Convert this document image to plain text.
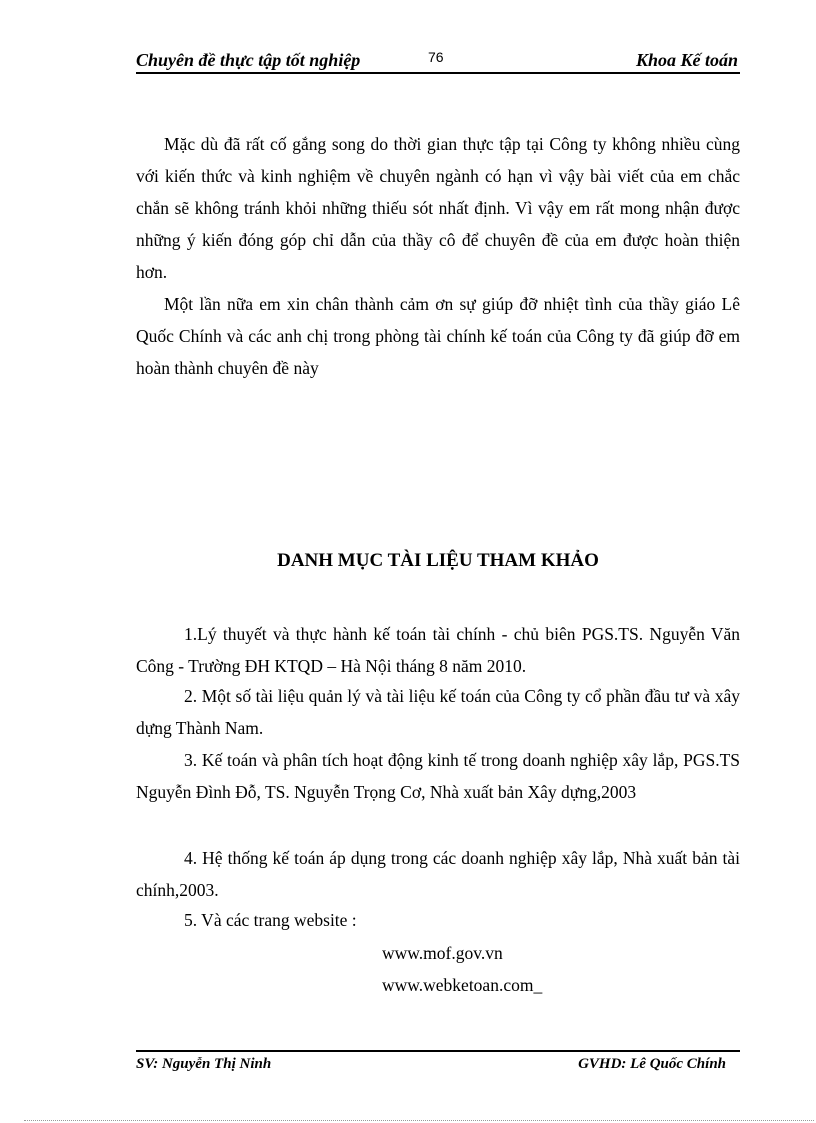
Chuyên đề thực tập tốt nghiệp	76	Khoa Kế toán

Mặc dù đã rất cố gắng song do thời gian thực tập tại Công ty không nhiều cùng với kiến thức và kinh nghiệm về chuyên ngành có hạn vì vậy bài viết của em chắc chắn sẽ không tránh khỏi những thiếu sót nhất định. Vì vậy em rất mong nhận được những ý kiến đóng góp chỉ dẫn của thầy cô để chuyên đề của em được hoàn thiện hơn.

Một lần nữa em xin chân thành cảm ơn sự giúp đỡ nhiệt tình của thầy giáo Lê Quốc Chính và các anh chị trong phòng tài chính kế toán của Công ty đã giúp đỡ em hoàn thành chuyên đề này

DANH MỤC TÀI LIỆU THAM KHẢO

1.Lý thuyết và thực hành kế toán tài chính - chủ biên PGS.TS. Nguyễn Văn Công - Trường ĐH KTQD – Hà Nội tháng 8 năm 2010.

2. Một số tài liệu quản lý và tài liệu kế toán của Công ty cổ phần đầu tư và xây dựng Thành Nam.

3. Kế toán và phân tích hoạt động kinh tế trong doanh nghiệp xây lắp, PGS.TS Nguyễn Đình Đỗ, TS. Nguyễn Trọng Cơ, Nhà xuất bản Xây dựng,2003

4. Hệ thống kế toán áp dụng trong các doanh nghiệp xây lắp, Nhà xuất bản tài chính,2003.

5. Và các trang website :

www.mof.gov.vn
www.webketoan.com_
SV: Nguyễn Thị Ninh	GVHD: Lê Quốc Chính
